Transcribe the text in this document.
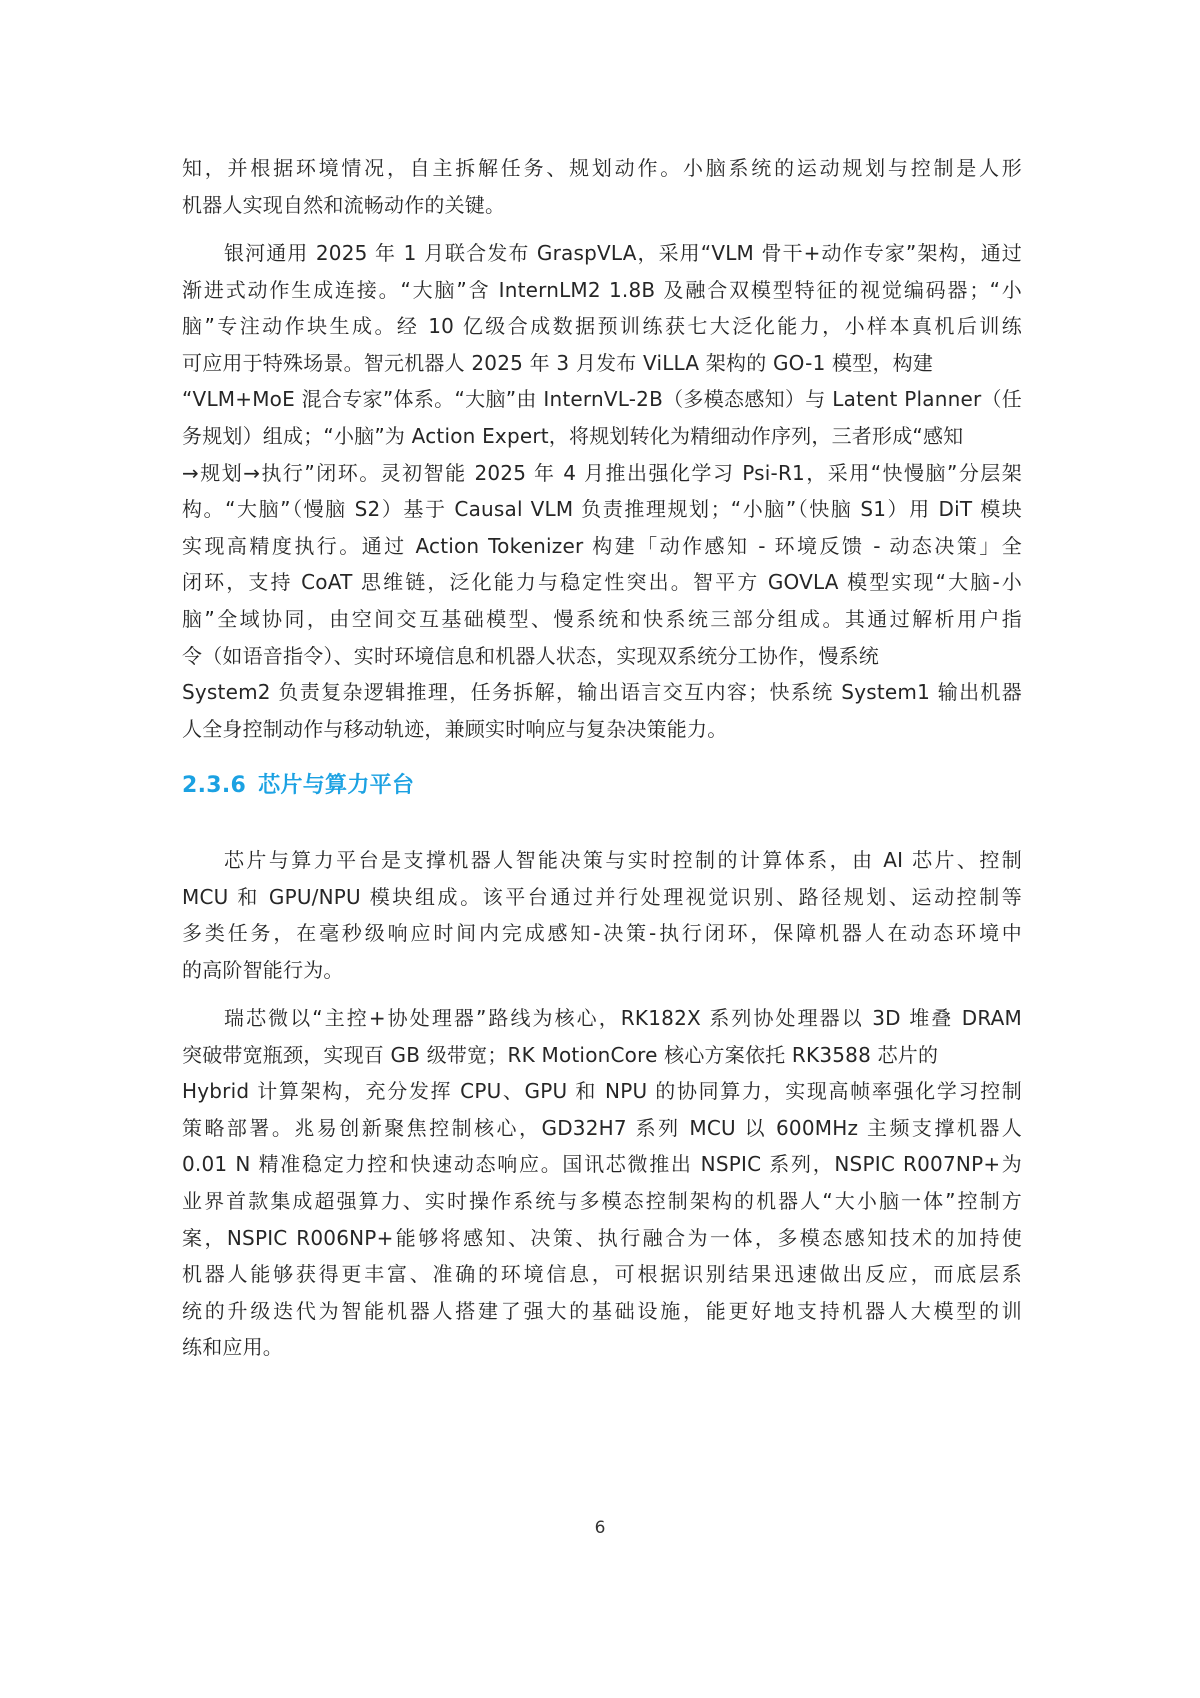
知，并根据环境情况，自主拆解任务、规划动作。小脑系统的运动规划与控制是人形
机器人实现自然和流畅动作的关键。
银河通用 2025 年 1 月联合发布 GraspVLA，采用“VLM 骨干+动作专家”架构，通过
渐进式动作生成连接。“大脑”含 InternLM2 1.8B 及融合双模型特征的视觉编码器；“小
脑”专注动作块生成。经 10 亿级合成数据预训练获七大泛化能力，小样本真机后训练
可应用于特殊场景。智元机器人 2025 年 3 月发布 ViLLA 架构的 GO-1 模型，构建
“VLM+MoE 混合专家”体系。“大脑”由 InternVL-2B（多模态感知）与 Latent Planner（任
务规划）组成；“小脑”为 Action Expert，将规划转化为精细动作序列，三者形成“感知
→规划→执行”闭环。灵初智能 2025 年 4 月推出强化学习 Psi-R1，采用“快慢脑”分层架
构。“大脑”（慢脑 S2）基于 Causal VLM 负责推理规划；“小脑”（快脑 S1）用 DiT 模块
实现高精度执行。通过 Action Tokenizer 构建「动作感知 - 环境反馈 - 动态决策」全
闭环，支持 CoAT 思维链，泛化能力与稳定性突出。智平方 GOVLA 模型实现“大脑-小
脑”全域协同，由空间交互基础模型、慢系统和快系统三部分组成。其通过解析用户指
令（如语音指令）、实时环境信息和机器人状态，实现双系统分工协作，慢系统
System2 负责复杂逻辑推理，任务拆解，输出语言交互内容；快系统 System1 输出机器
人全身控制动作与移动轨迹，兼顾实时响应与复杂决策能力。
2.3.6 芯片与算力平台
芯片与算力平台是支撑机器人智能决策与实时控制的计算体系，由 AI 芯片、控制
MCU 和 GPU/NPU 模块组成。该平台通过并行处理视觉识别、路径规划、运动控制等
多类任务，在毫秒级响应时间内完成感知-决策-执行闭环，保障机器人在动态环境中
的高阶智能行为。
瑞芯微以“主控+协处理器”路线为核心，RK182X 系列协处理器以 3D 堆叠 DRAM
突破带宽瓶颈，实现百 GB 级带宽；RK MotionCore 核心方案依托 RK3588 芯片的
Hybrid 计算架构，充分发挥 CPU、GPU 和 NPU 的协同算力，实现高帧率强化学习控制
策略部署。兆易创新聚焦控制核心，GD32H7 系列 MCU 以 600MHz 主频支撑机器人
0.01 N 精准稳定力控和快速动态响应。国讯芯微推出 NSPIC 系列，NSPIC R007NP+为
业界首款集成超强算力、实时操作系统与多模态控制架构的机器人“大小脑一体”控制方
案，NSPIC R006NP+能够将感知、决策、执行融合为一体，多模态感知技术的加持使
机器人能够获得更丰富、准确的环境信息，可根据识别结果迅速做出反应，而底层系
统的升级迭代为智能机器人搭建了强大的基础设施，能更好地支持机器人大模型的训
练和应用。
6
